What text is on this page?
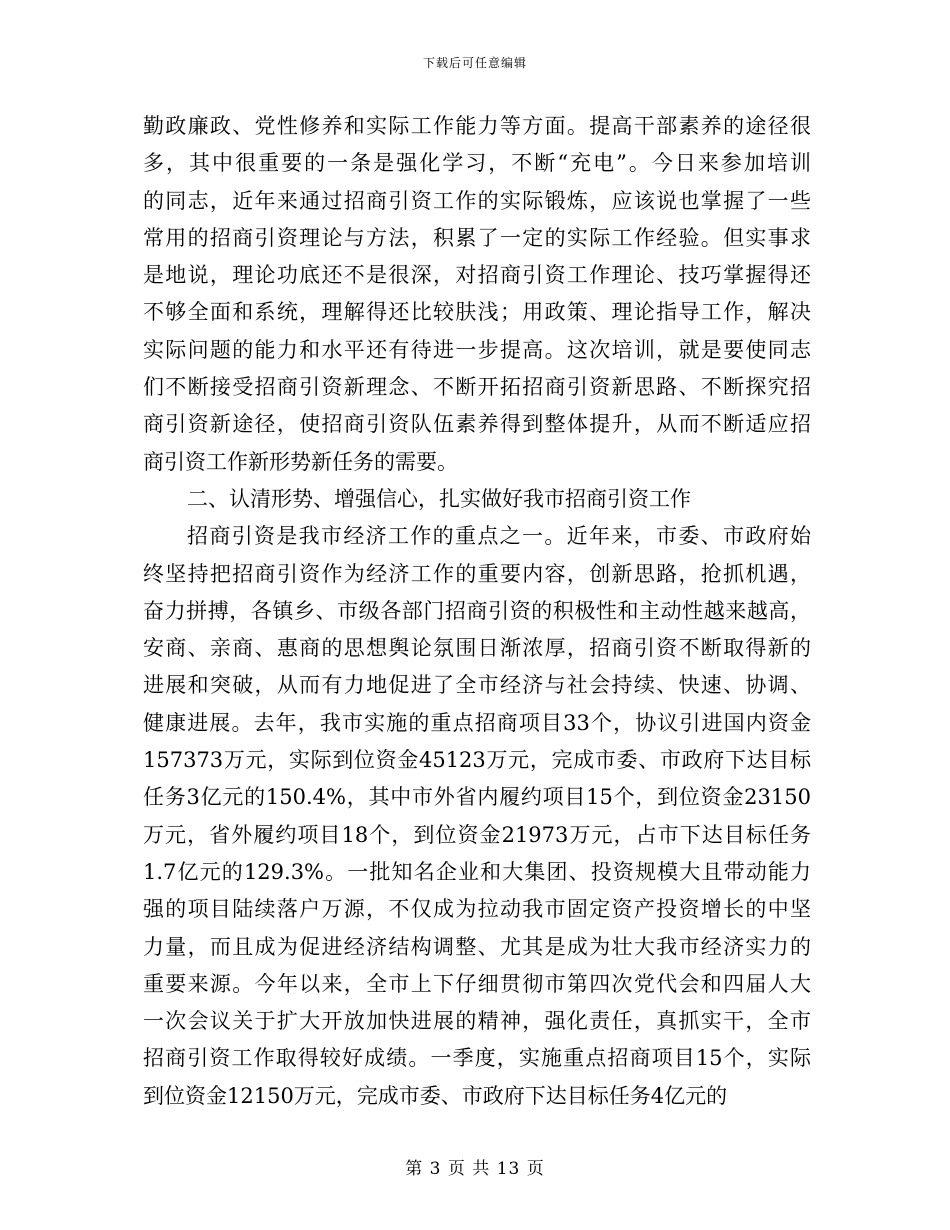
下载后可任意编辑
勤政廉政、党性修养和实际工作能力等方面。提高干部素养的途径很
多，其中很重要的一条是强化学习，不断“充电”。今日来参加培训
的同志，近年来通过招商引资工作的实际锻炼，应该说也掌握了一些
常用的招商引资理论与方法，积累了一定的实际工作经验。但实事求
是地说，理论功底还不是很深，对招商引资工作理论、技巧掌握得还
不够全面和系统，理解得还比较肤浅；用政策、理论指导工作，解决
实际问题的能力和水平还有待进一步提高。这次培训，就是要使同志
们不断接受招商引资新理念、不断开拓招商引资新思路、不断探究招
商引资新途径，使招商引资队伍素养得到整体提升，从而不断适应招
商引资工作新形势新任务的需要。
二、认清形势、增强信心，扎实做好我市招商引资工作
招商引资是我市经济工作的重点之一。近年来，市委、市政府始
终坚持把招商引资作为经济工作的重要内容，创新思路，抢抓机遇，
奋力拼搏，各镇乡、市级各部门招商引资的积极性和主动性越来越高，
安商、亲商、惠商的思想舆论氛围日渐浓厚，招商引资不断取得新的
进展和突破，从而有力地促进了全市经济与社会持续、快速、协调、
健康进展。去年，我市实施的重点招商项目33个，协议引进国内资金
157373万元，实际到位资金45123万元，完成市委、市政府下达目标
任务3亿元的150.4%，其中市外省内履约项目15个，到位资金23150
万元，省外履约项目18个，到位资金21973万元，占市下达目标任务
1.7亿元的129.3%。一批知名企业和大集团、投资规模大且带动能力
强的项目陆续落户万源，不仅成为拉动我市固定资产投资增长的中坚
力量，而且成为促进经济结构调整、尤其是成为壮大我市经济实力的
重要来源。今年以来，全市上下仔细贯彻市第四次党代会和四届人大
一次会议关于扩大开放加快进展的精神，强化责任，真抓实干，全市
招商引资工作取得较好成绩。一季度，实施重点招商项目15个，实际
到位资金12150万元，完成市委、市政府下达目标任务4亿元的
第 3 页 共 13 页
